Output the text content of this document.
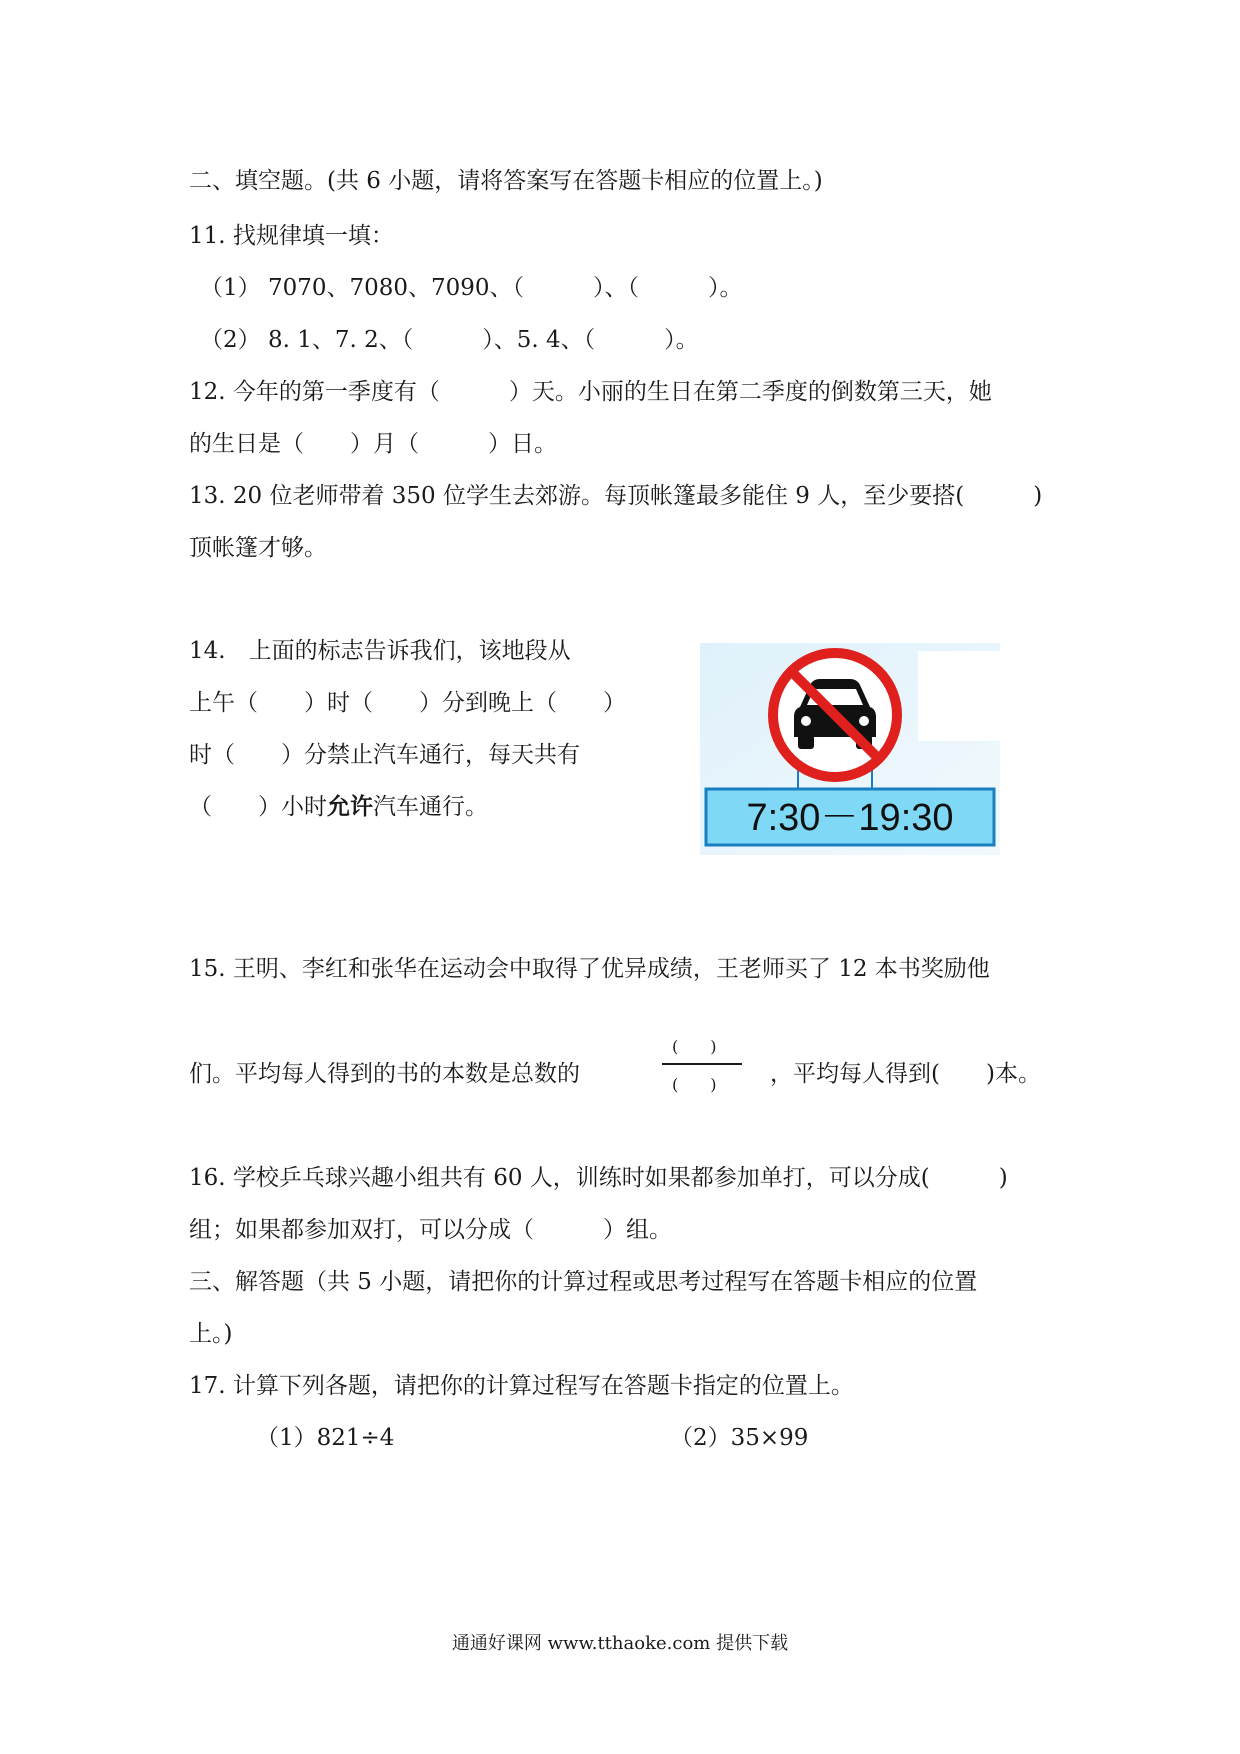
二、填空题。(共 6 小题，请将答案写在答题卡相应的位置上。)
11. 找规律填一填：
（1） 7070、7080、7090、（　　　）、（　　　）。
（2） 8. 1、7. 2、（　　　）、5. 4、（　　　）。
12. 今年的第一季度有（　　　）天。小丽的生日在第二季度的倒数第三天，她
的生日是（　　）月（　　　）日。
13. 20 位老师带着 350 位学生去郊游。每顶帐篷最多能住 9 人，至少要搭(　　　)
顶帐篷才够。
14.　上面的标志告诉我们，该地段从
上午（　　）时（　　）分到晚上（　　）
时（　　）分禁止汽车通行，每天共有
（　　）小时允许汽车通行。	7:30－19:30
15. 王明、李红和张华在运动会中取得了优异成绩，王老师买了 12 本书奖励他
们。平均每人得到的书的本数是总数的
(　　)
(　　) ，平均每人得到(　　)本。
16. 学校乒乓球兴趣小组共有 60 人，训练时如果都参加单打，可以分成(　　　)
组；如果都参加双打，可以分成（　　　）组。
三、解答题（共 5 小题，请把你的计算过程或思考过程写在答题卡相应的位置
上。)
17. 计算下列各题，请把你的计算过程写在答题卡指定的位置上。
（1）821÷4	（2）35×99
通通好课网 www.tthaoke.com 提供下载
